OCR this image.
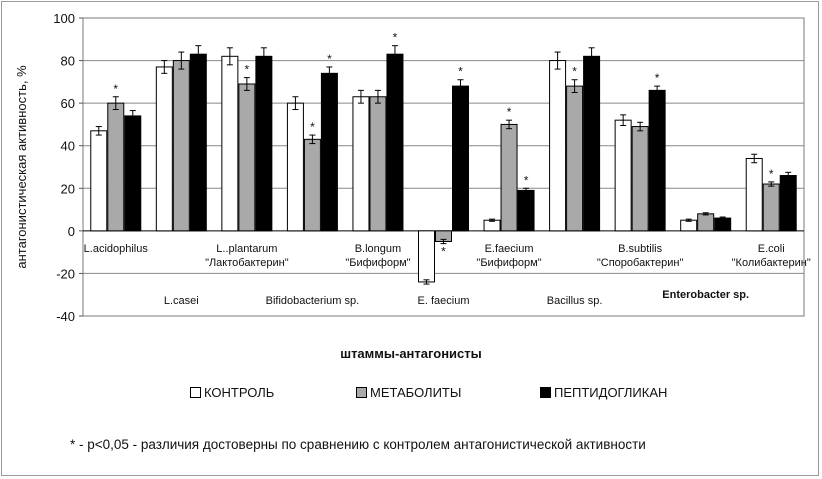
-40
-20
0
20
40
60
80
100
антагонистическая активность, %	*
*
*
*
*
*
*
*
*
*	*
*
L.acidophilus	L..plantarum
"Лактобактерин"
B.longum
"Бифиформ"
E.faecium
"Бифиформ"
B.subtilis
"Споробактерин"
E.coli
"Колибактерин"
L.casei	Bifidobacterium sp.	E. faecium	Bacillus sp.	Enterobacter sp.
штаммы-антагонисты
КОНТРОЛЬ	МЕТАБОЛИТЫ	ПЕПТИДОГЛИКАН
* - p<0,05 - различия достоверны по сравнению с контролем антагонистической активности
